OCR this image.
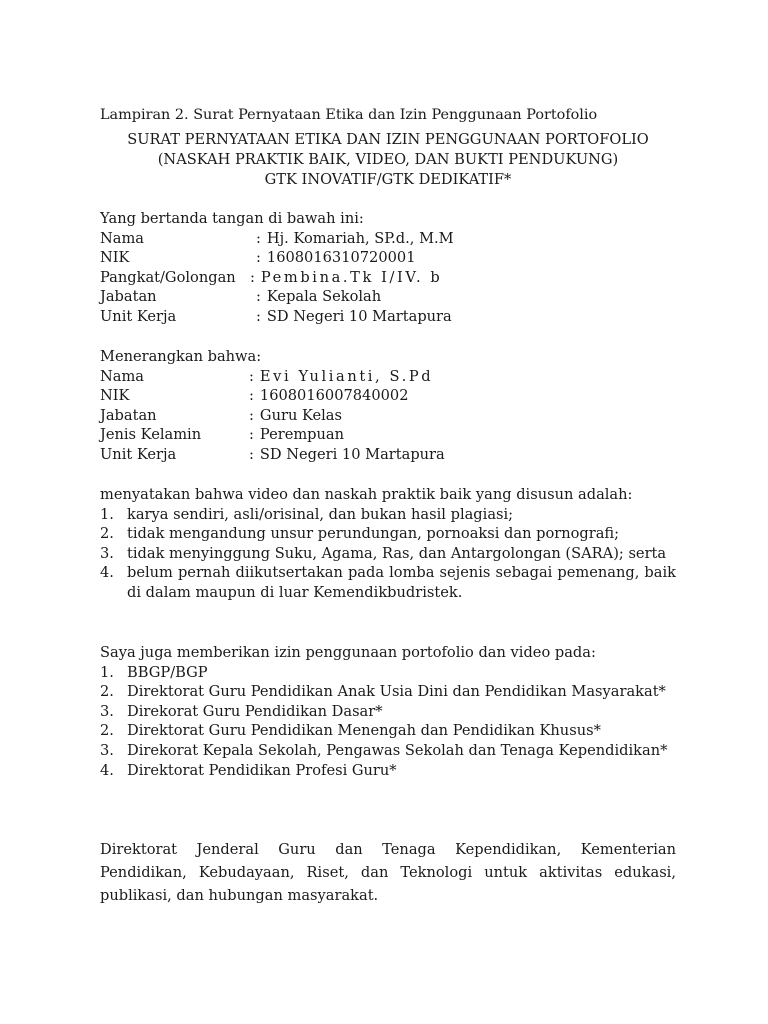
Lampiran 2. Surat Pernyataan Etika dan Izin Penggunaan Portofolio
SURAT PERNYATAAN ETIKA DAN IZIN PENGGUNAAN PORTOFOLIO
(NASKAH PRAKTIK BAIK, VIDEO, DAN BUKTI PENDUKUNG)
GTK INOVATIF/GTK DEDIKATIF*
Yang bertanda tangan di bawah ini:
Nama	: Hj. Komariah, SP.d., M.M
NIK	: 1608016310720001
Pangkat/Golongan : Pembina.Tk I/IV. b
Jabatan	: Kepala Sekolah
Unit Kerja	: SD Negeri 10 Martapura
Menerangkan bahwa:
Nama	: Evi Yulianti, S.Pd
NIK	: 1608016007840002
Jabatan	: Guru Kelas
Jenis Kelamin	: Perempuan
Unit Kerja	: SD Negeri 10 Martapura
menyatakan bahwa video dan naskah praktik baik yang disusun adalah:
1. karya sendiri, asli/orisinal, dan bukan hasil plagiasi;
2. tidak mengandung unsur perundungan, pornoaksi dan pornografi;
3. tidak menyinggung Suku, Agama, Ras, dan Antargolongan (SARA); serta
4. belum pernah diikutsertakan pada lomba sejenis sebagai pemenang, baik di dalam maupun di luar Kemendikbudristek.
Saya juga memberikan izin penggunaan portofolio dan video pada:
1. BBGP/BGP
2. Direktorat Guru Pendidikan Anak Usia Dini dan Pendidikan Masyarakat*
3. Direkorat Guru Pendidikan Dasar*
2. Direktorat Guru Pendidikan Menengah dan Pendidikan Khusus*
3. Direkorat Kepala Sekolah, Pengawas Sekolah dan Tenaga Kependidikan*
4. Direktorat Pendidikan Profesi Guru*
Direktorat Jenderal Guru dan Tenaga Kependidikan, Kementerian Pendidikan, Kebudayaan, Riset, dan Teknologi untuk aktivitas edukasi, publikasi, dan hubungan masyarakat.
